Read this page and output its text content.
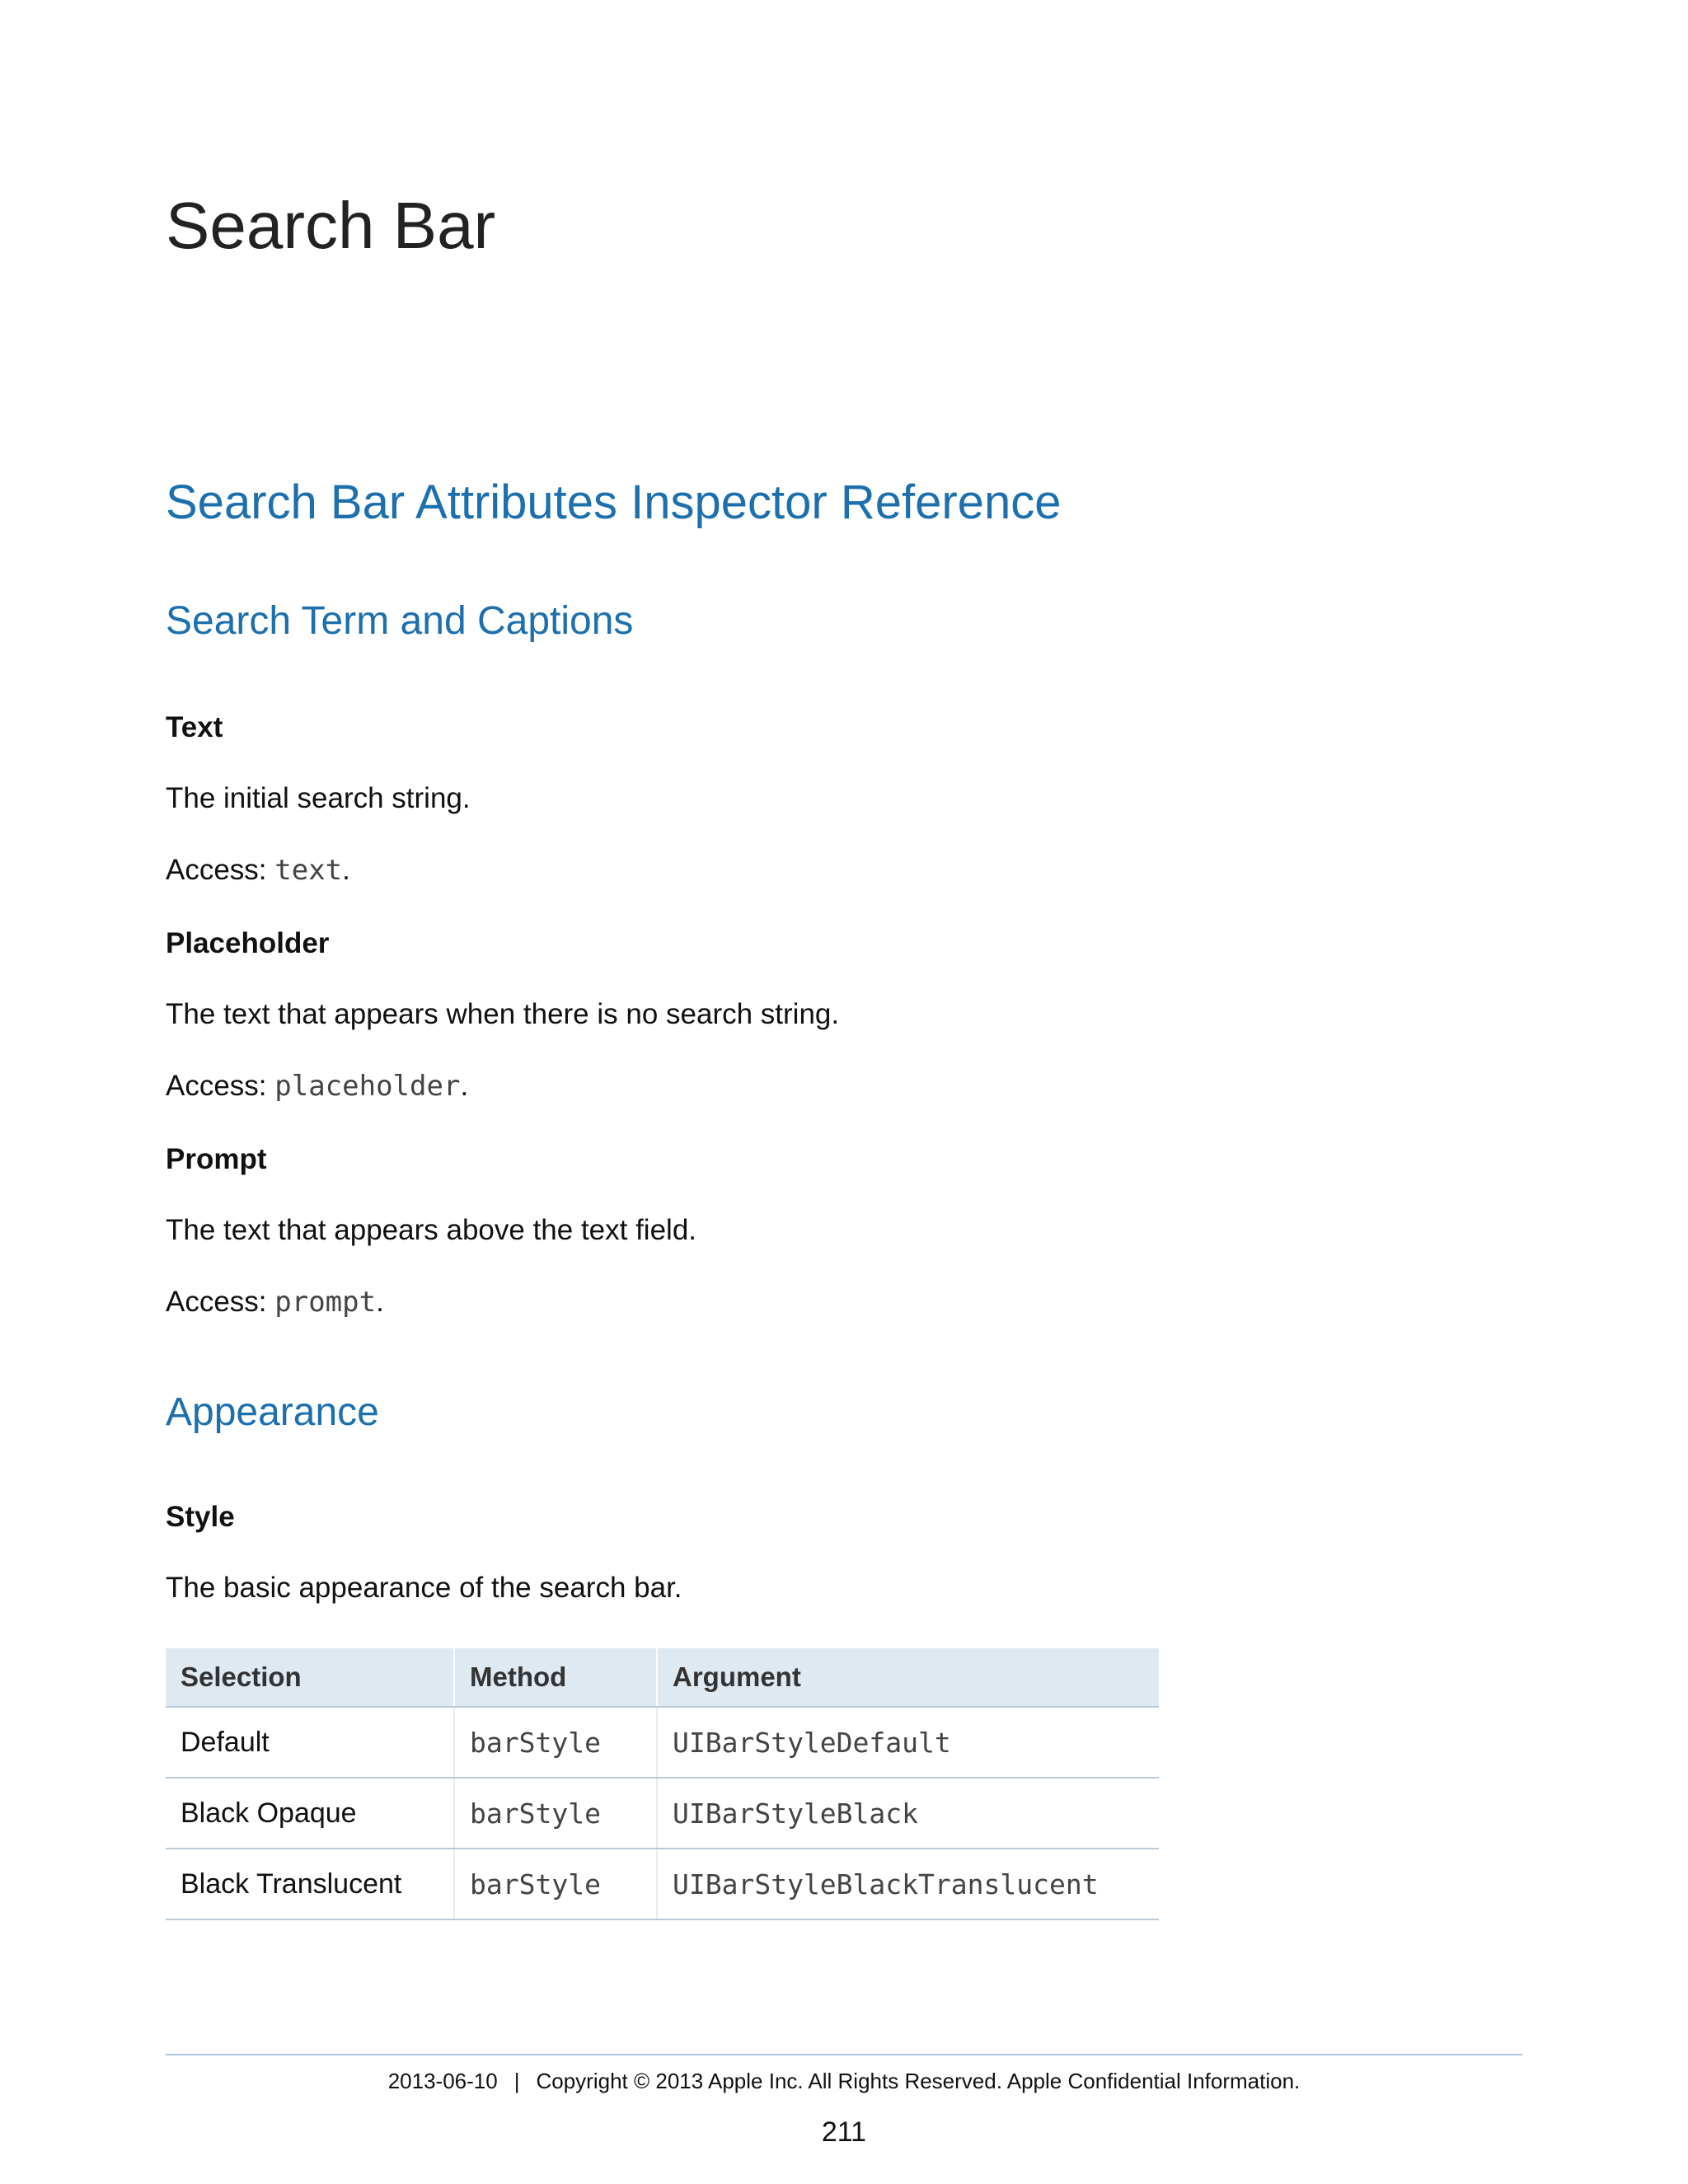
Search Bar
Search Bar Attributes Inspector Reference
Search Term and Captions

Text

The initial search string.

Access: text.

Placeholder

The text that appears when there is no search string.

Access: placeholder.

Prompt

The text that appears above the text field.

Access: prompt.

Appearance

Style

The basic appearance of the search bar.

Selection	Method	Argument
Default	barStyle	UIBarStyleDefault
Black Opaque	barStyle	UIBarStyleBlack
Black Translucent	barStyle	UIBarStyleBlackTranslucent
2013-06-10 | Copyright © 2013 Apple Inc. All Rights Reserved. Apple Confidential Information.
211
